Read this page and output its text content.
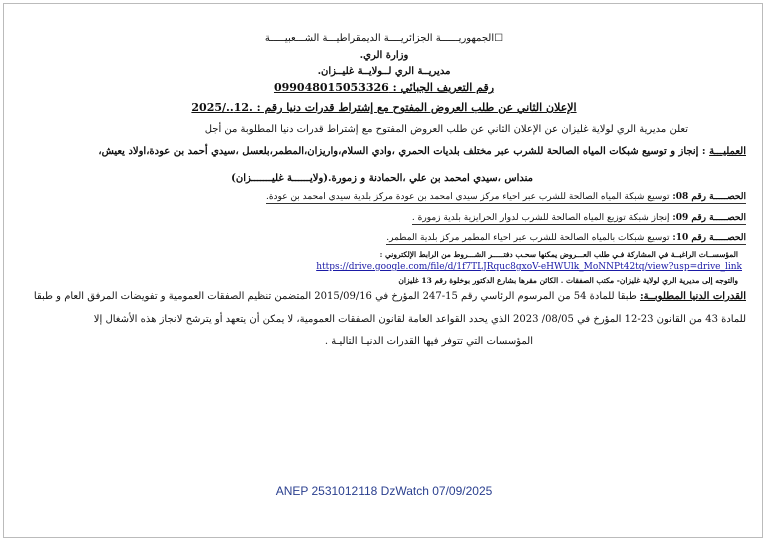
☐الجمهوريــــــة الجزائريــــة الديمقراطيـــة الشـــعبيـــــة
وزارة الري.
مديريــة الري لــولايــة غليــزان.
رقم التعريف الجبائي : 099048015053326
الإعلان الثاني عن طلب العروض المفتوح مع إشتراط قدرات دنيا رقم : .12../2025
تعلن مديرية الري لولاية غليزان عن الإعلان الثاني عن طلب العروض المفتوح مع إشتراط قدرات دنيا المطلوبة من أجل
العمليـــة : إنجاز و توسيع شبكات المياه الصالحة للشرب عبر مختلف بلديات الحمري ،وادي السلام،واريزان،المطمر،بلعسل ،سيدي أحمد بن عودة،اولاد يعيش،
منداس ،سيدي امحمد بن علي ،الحمادنة و زمورة.(ولايــــــة غليـــــــزان)
الحصـــــة رقم 08: توسيع شبكة المياه الصالحة للشرب عبر احياء مركز سيدي امحمد بن عودة مركز بلدية سيدي امحمد بن عودة.
الحصـــــة رقم 09: إنجاز شبكة توزيع المياه الصالحة للشرب لدوار الحرايزية بلدية زمورة .
الحصـــــة رقم 10: توسيع شبكات بالمياه الصالحة للشرب عبر احياء المطمر مركز بلدية المطمر.
المؤسســات الراغبــة في المشاركة فـي طلب العـــروض يمكنها سحـب دفتـــــر الشـــروط من الرابط الإلكتروني :
https://drive.google.com/file/d/1f7TLJRquc8gxoV-eHWUlk_MoNNPt42tq/view?usp=drive_link
والتوجه إلى مديرية الري لولاية غليزان- مكتب الصفقات . الكائن مقرها بشارع الدكتور بوخلوة رقم 13 غليزان
القدرات الدنيا المطلوبــة: طبقا للمادة 54 من المرسوم الرئاسي رقم 15-247 المؤرخ في 2015/09/16 المتضمن تنظيم الصفقات العمومية و تفويضات المرفق العام و طبقا
للمادة 43 من القانون 23-12 المؤرخ في 08/05/ 2023 الذي يحدد القواعد العامة لقانون الصفقات العمومية، لا يمكن أن يتعهد أو يترشح لانجاز هذه الأشغال إلا
المؤسسات التي تتوفر فيها القدرات الدنيـا التاليـة .
ANEP 2531012118 DzWatch 07/09/2025
